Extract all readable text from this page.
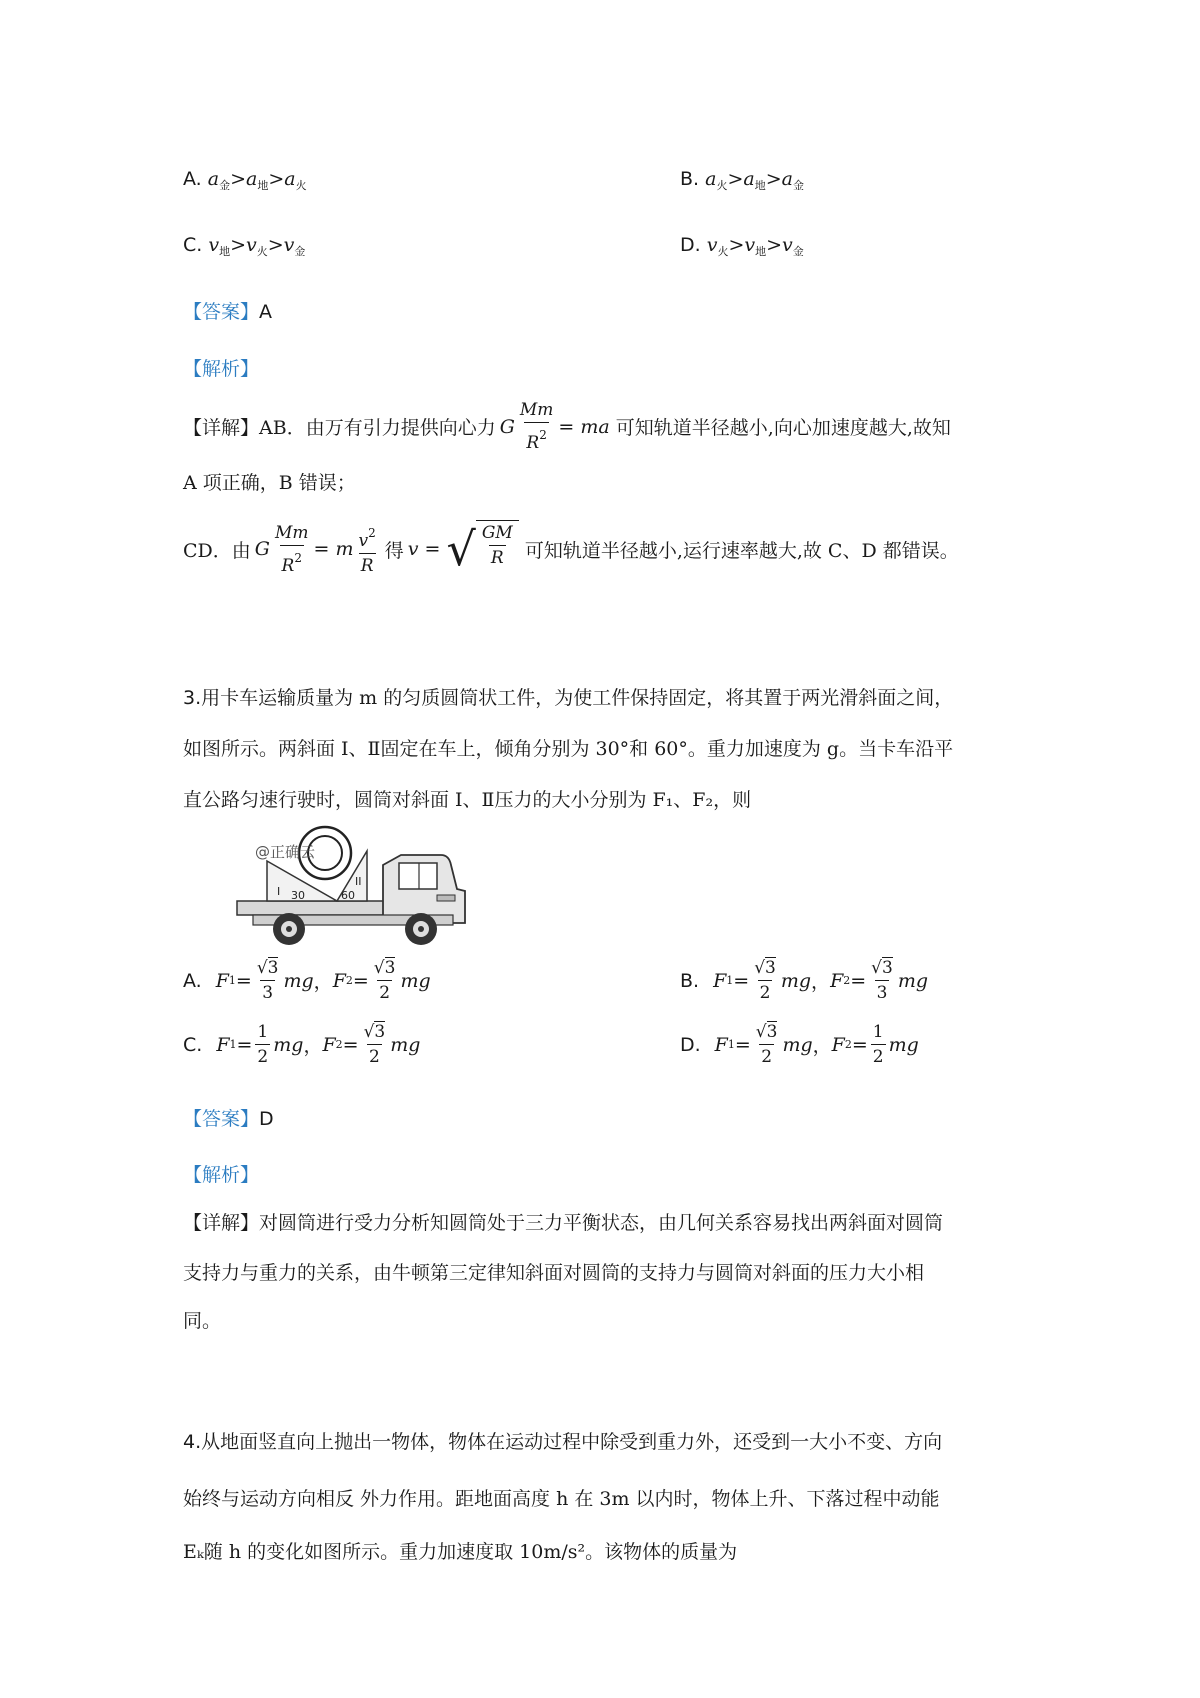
A. $a_金>a_地>a_火$	B. $a_火>a_地>a_金$
C. $v_地>v_火>v_金$	D. $v_火>v_地>v_金$
【答案】A
【解析】
【详解】 AB．由万有引力提供向心力 G $\frac{Mm}{R^2}$ = ma 可知轨道半径越小,向心加速度越大,故知
A 项正确，B 错误；
CD．由 G $\frac{Mm}{R^2} = m \frac{v^2}{R}$ 得 v = √ $\frac{GM}{R}$ 可知轨道半径越小,运行速率越大,故 C、D 都错误。
3.用卡车运输质量为 m 的匀质圆筒状工件，为使工件保持固定，将其置于两光滑斜面之间，
如图所示。两斜面 I、Ⅱ固定在车上，倾角分别为 30°和 60°。重力加速度为 g。当卡车沿平
直公路匀速行驶时，圆筒对斜面 I、Ⅱ压力的大小分别为 F₁、F₂，则
@正确云
I
II
30	60
A. F $1 = \frac{√3}{3}$ mg ， F $2 = \frac{√3}{2}$ mg	B. F $1 = \frac{√3}{2}$ mg ， F $2 = \frac{√3}{3}$ mg
C. F $1 = \frac{1}{2}$ mg ， F $2 = \frac{√3}{2}$ mg	D. F $1 = \frac{√3}{2}$ mg ， F $2 = \frac{1}{2}$ mg
【答案】D
【解析】
【详解】对圆筒进行受力分析知圆筒处于三力平衡状态，由几何关系容易找出两斜面对圆筒
支持力与重力的关系，由牛顿第三定律知斜面对圆筒的支持力与圆筒对斜面的压力大小相
同。
4.从地面竖直向上抛出一物体，物体在运动过程中除受到重力外，还受到一大小不变、方向
始终与运动方向相反 外力作用。距地面高度 h 在 3m 以内时，物体上升、下落过程中动能
Eₖ随 h 的变化如图所示。重力加速度取 10m/s²。该物体的质量为
